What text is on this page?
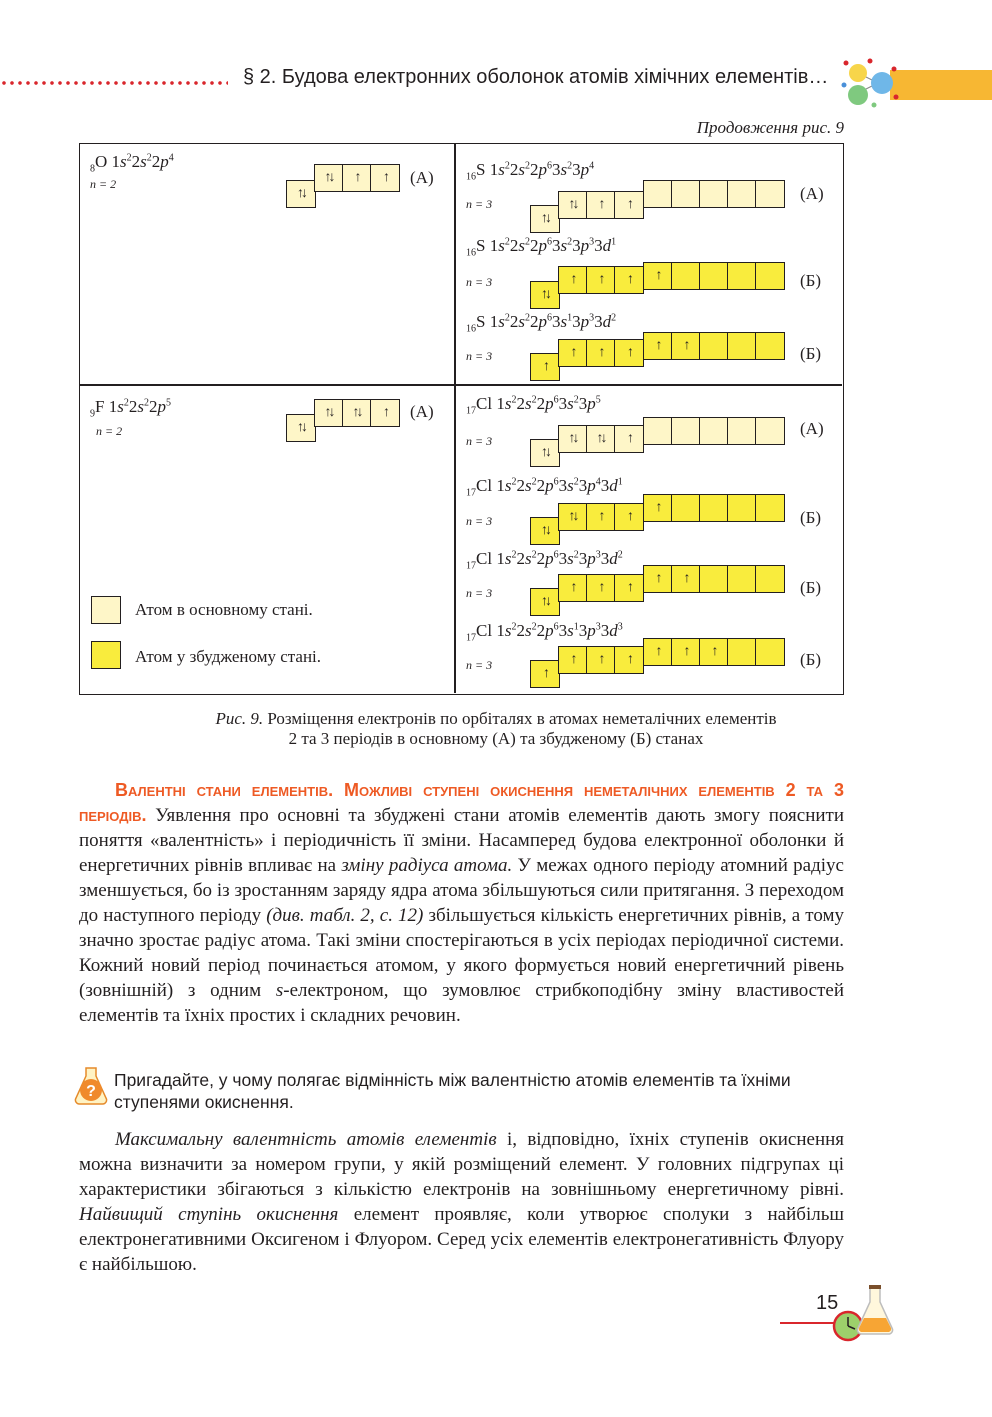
§ 2. Будова електронних оболонок атомів хімічних елементів…
Продовження рис. 9
$_8$O $1s^22s^22p^4$
n = 2
↑↓
↑↓ ↑ ↑ (А)
$_9$F $1s^22s^22p^5$
n = 2	↑↓
↑↓ ↑↓ ↑ (А)
Атом в основному стані.
Атом у збудженому стані.
$_{16}$S $1s^22s^22p^63s^23p^4$
n = 3
↑↓
↑↓ ↑ ↑
(А)
$_{16}$S $1s^22s^22p^63s^23p^33d^1$
n = 3
↑↓
↑ ↑ ↑ ↑	(Б)
$_{16}$S $1s^22s^22p^63s^13p^33d^2$
n = 3
↑
↑ ↑ ↑ ↑ ↑	(Б)
$_{17}$Cl $1s^22s^22p^63s^23p^5$
n = 3
↑↓
↑↓ ↑↓ ↑
(А)
$_{17}$Cl $1s^22s^22p^63s^23p^43d^1$
n = 3
↑↓
↑↓ ↑ ↑
↑
(Б)
$_{17}$Cl $1s^22s^22p^63s^23p^33d^2$
n = 3
↑↓
↑ ↑ ↑
↑ ↑	(Б)
$_{17}$Cl $1s^22s^22p^63s^13p^33d^3$
n = 3
↑
↑ ↑ ↑
↑ ↑ ↑	(Б)
Рис. 9. Розміщення електронів по орбіталях в атомах неметалічних елементів
2 та 3 періодів в основному (А) та збудженому (Б) станах
Валентні стани елементів. Можливі ступені окиснення неметалічних елементів 2 та 3 періодів. Уявлення про основні та збуджені стани атомів елементів дають змогу пояснити поняття «валентність» і періодичність її зміни. Насамперед будова електронної оболонки й енергетичних рівнів впливає на зміну радіуса атома. У межах одного періоду атомний радіус зменшується, бо із зростанням заряду ядра атома збільшуються сили притягання. З переходом до наступного періоду (див. табл. 2, с. 12) збільшується кількість енергетичних рівнів, а тому значно зростає радіус атома. Такі зміни спостерігаються в усіх періодах періодичної системи. Кожний новий період починається атомом, у якого формується новий енергетичний рівень (зовнішній) з одним s-електроном, що зумовлює стрибкоподібну зміну властивостей елементів та їхніх простих і складних речовин.
?
Пригадайте, у чому полягає відмінність між валентністю атомів елементів та їхніми ступенями окиснення.
Максимальну валентність атомів елементів і, відповідно, їхніх ступенів окиснення можна визначити за номером групи, у якій розміщений елемент. У головних підгрупах ці характеристики збігаються з кількістю електронів на зовнішньому енергетичному рівні. Найвищий ступінь окиснення елемент проявляє, коли утворює сполуки з найбільш електронегативними Оксигеном і Флуором. Серед усіх елементів електронегативність Флуору є найбільшою.
15
